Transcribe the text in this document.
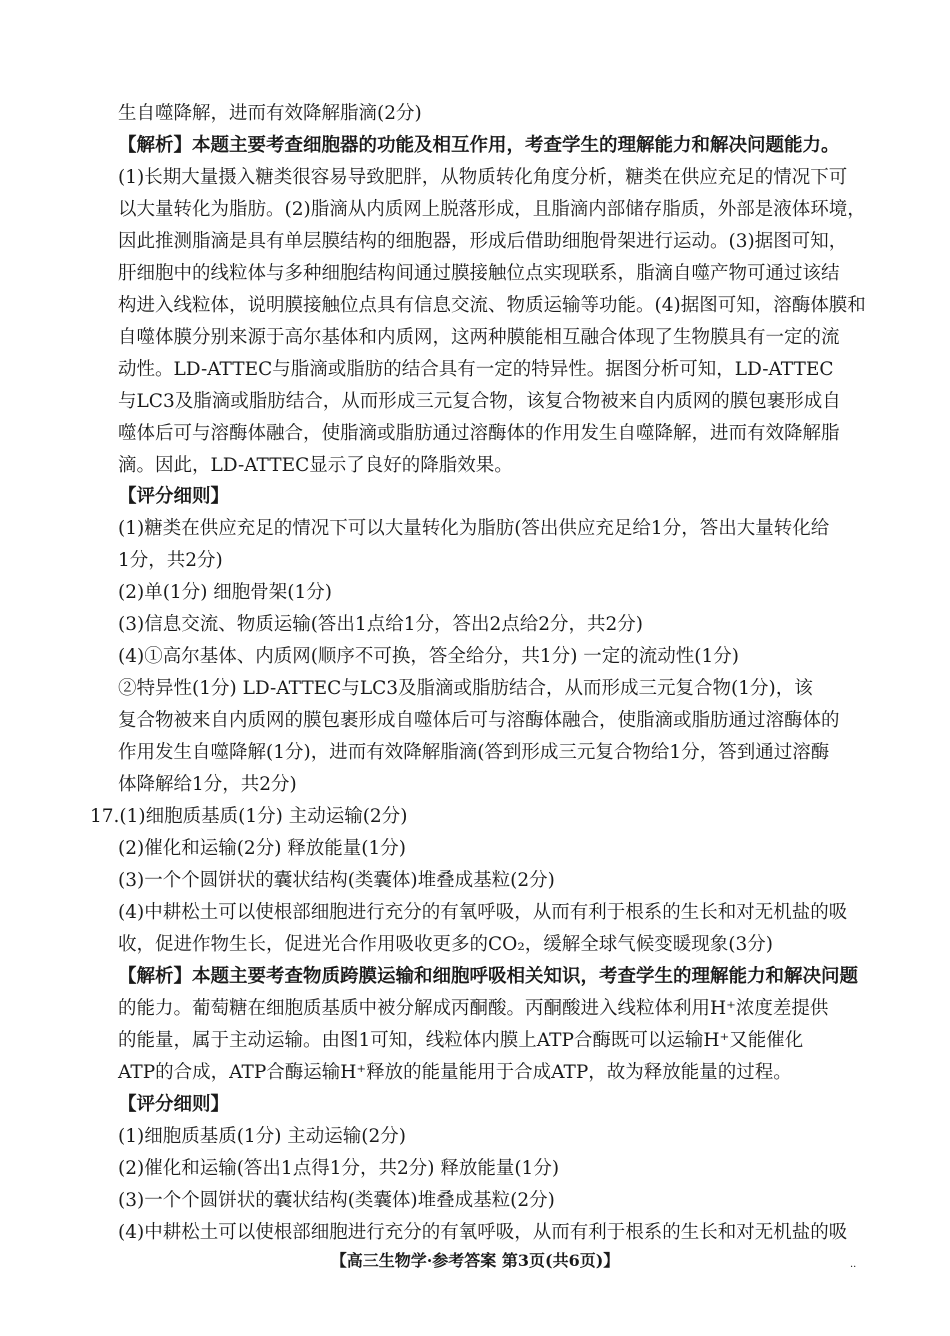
生自噬降解，进而有效降解脂滴(2分)
【解析】本题主要考查细胞器的功能及相互作用，考查学生的理解能力和解决问题能力。
(1)长期大量摄入糖类很容易导致肥胖，从物质转化角度分析，糖类在供应充足的情况下可
以大量转化为脂肪。(2)脂滴从内质网上脱落形成，且脂滴内部储存脂质，外部是液体环境，
因此推测脂滴是具有单层膜结构的细胞器，形成后借助细胞骨架进行运动。(3)据图可知，
肝细胞中的线粒体与多种细胞结构间通过膜接触位点实现联系，脂滴自噬产物可通过该结
构进入线粒体，说明膜接触位点具有信息交流、物质运输等功能。(4)据图可知，溶酶体膜和
自噬体膜分别来源于高尔基体和内质网，这两种膜能相互融合体现了生物膜具有一定的流
动性。LD-ATTEC与脂滴或脂肪的结合具有一定的特异性。据图分析可知，LD-ATTEC
与LC3及脂滴或脂肪结合，从而形成三元复合物，该复合物被来自内质网的膜包裹形成自
噬体后可与溶酶体融合，使脂滴或脂肪通过溶酶体的作用发生自噬降解，进而有效降解脂
滴。因此，LD-ATTEC显示了良好的降脂效果。
【评分细则】
(1)糖类在供应充足的情况下可以大量转化为脂肪(答出供应充足给1分，答出大量转化给
1分，共2分)
(2)单(1分) 细胞骨架(1分)
(3)信息交流、物质运输(答出1点给1分，答出2点给2分，共2分)
(4)①高尔基体、内质网(顺序不可换，答全给分，共1分) 一定的流动性(1分)
②特异性(1分) LD-ATTEC与LC3及脂滴或脂肪结合，从而形成三元复合物(1分)，该
复合物被来自内质网的膜包裹形成自噬体后可与溶酶体融合，使脂滴或脂肪通过溶酶体的
作用发生自噬降解(1分)，进而有效降解脂滴(答到形成三元复合物给1分，答到通过溶酶
体降解给1分，共2分)
17.(1)细胞质基质(1分) 主动运输(2分)
(2)催化和运输(2分) 释放能量(1分)
(3)一个个圆饼状的囊状结构(类囊体)堆叠成基粒(2分)
(4)中耕松土可以使根部细胞进行充分的有氧呼吸，从而有利于根系的生长和对无机盐的吸
收，促进作物生长，促进光合作用吸收更多的CO₂，缓解全球气候变暖现象(3分)
【解析】本题主要考查物质跨膜运输和细胞呼吸相关知识，考查学生的理解能力和解决问题
的能力。葡萄糖在细胞质基质中被分解成丙酮酸。丙酮酸进入线粒体利用H⁺浓度差提供
的能量，属于主动运输。由图1可知，线粒体内膜上ATP合酶既可以运输H⁺又能催化
ATP的合成，ATP合酶运输H⁺释放的能量能用于合成ATP，故为释放能量的过程。
【评分细则】
(1)细胞质基质(1分) 主动运输(2分)
(2)催化和运输(答出1点得1分，共2分) 释放能量(1分)
(3)一个个圆饼状的囊状结构(类囊体)堆叠成基粒(2分)
(4)中耕松土可以使根部细胞进行充分的有氧呼吸，从而有利于根系的生长和对无机盐的吸
【高三生物学·参考答案 第3页(共6页)】	··
